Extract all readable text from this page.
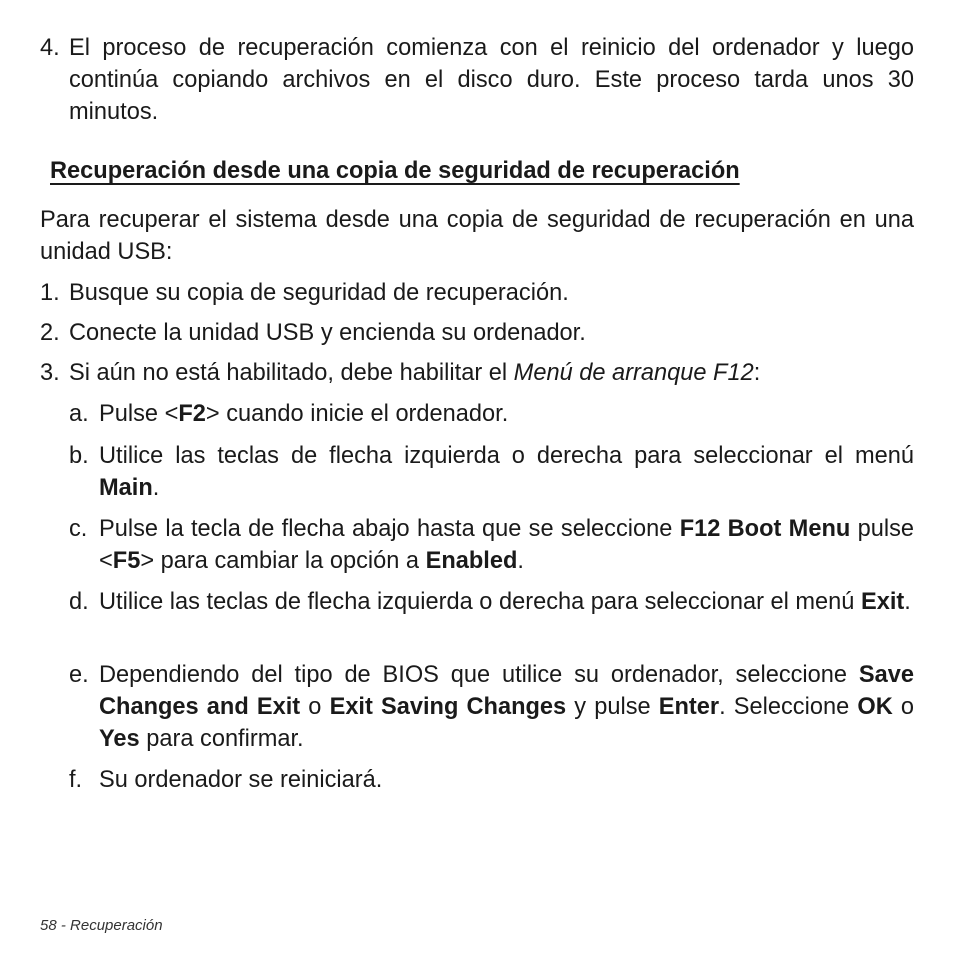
4. El proceso de recuperación comienza con el reinicio del ordenador y luego continúa copiando archivos en el disco duro. Este proceso tarda unos 30 minutos.
Recuperación desde una copia de seguridad de recuperación
Para recuperar el sistema desde una copia de seguridad de recuperación en una unidad USB:
1. Busque su copia de seguridad de recuperación.
2. Conecte la unidad USB y encienda su ordenador.
3. Si aún no está habilitado, debe habilitar el Menú de arranque F12:
a. Pulse <F2> cuando inicie el ordenador.
b. Utilice las teclas de flecha izquierda o derecha para seleccionar el menú Main.
c. Pulse la tecla de flecha abajo hasta que se seleccione F12 Boot Menu pulse <F5> para cambiar la opción a Enabled.
d. Utilice las teclas de flecha izquierda o derecha para seleccionar el menú Exit.
e. Dependiendo del tipo de BIOS que utilice su ordenador, seleccione Save Changes and Exit o Exit Saving Changes y pulse Enter. Seleccione OK o Yes para confirmar.
f. Su ordenador se reiniciará.
58 - Recuperación
